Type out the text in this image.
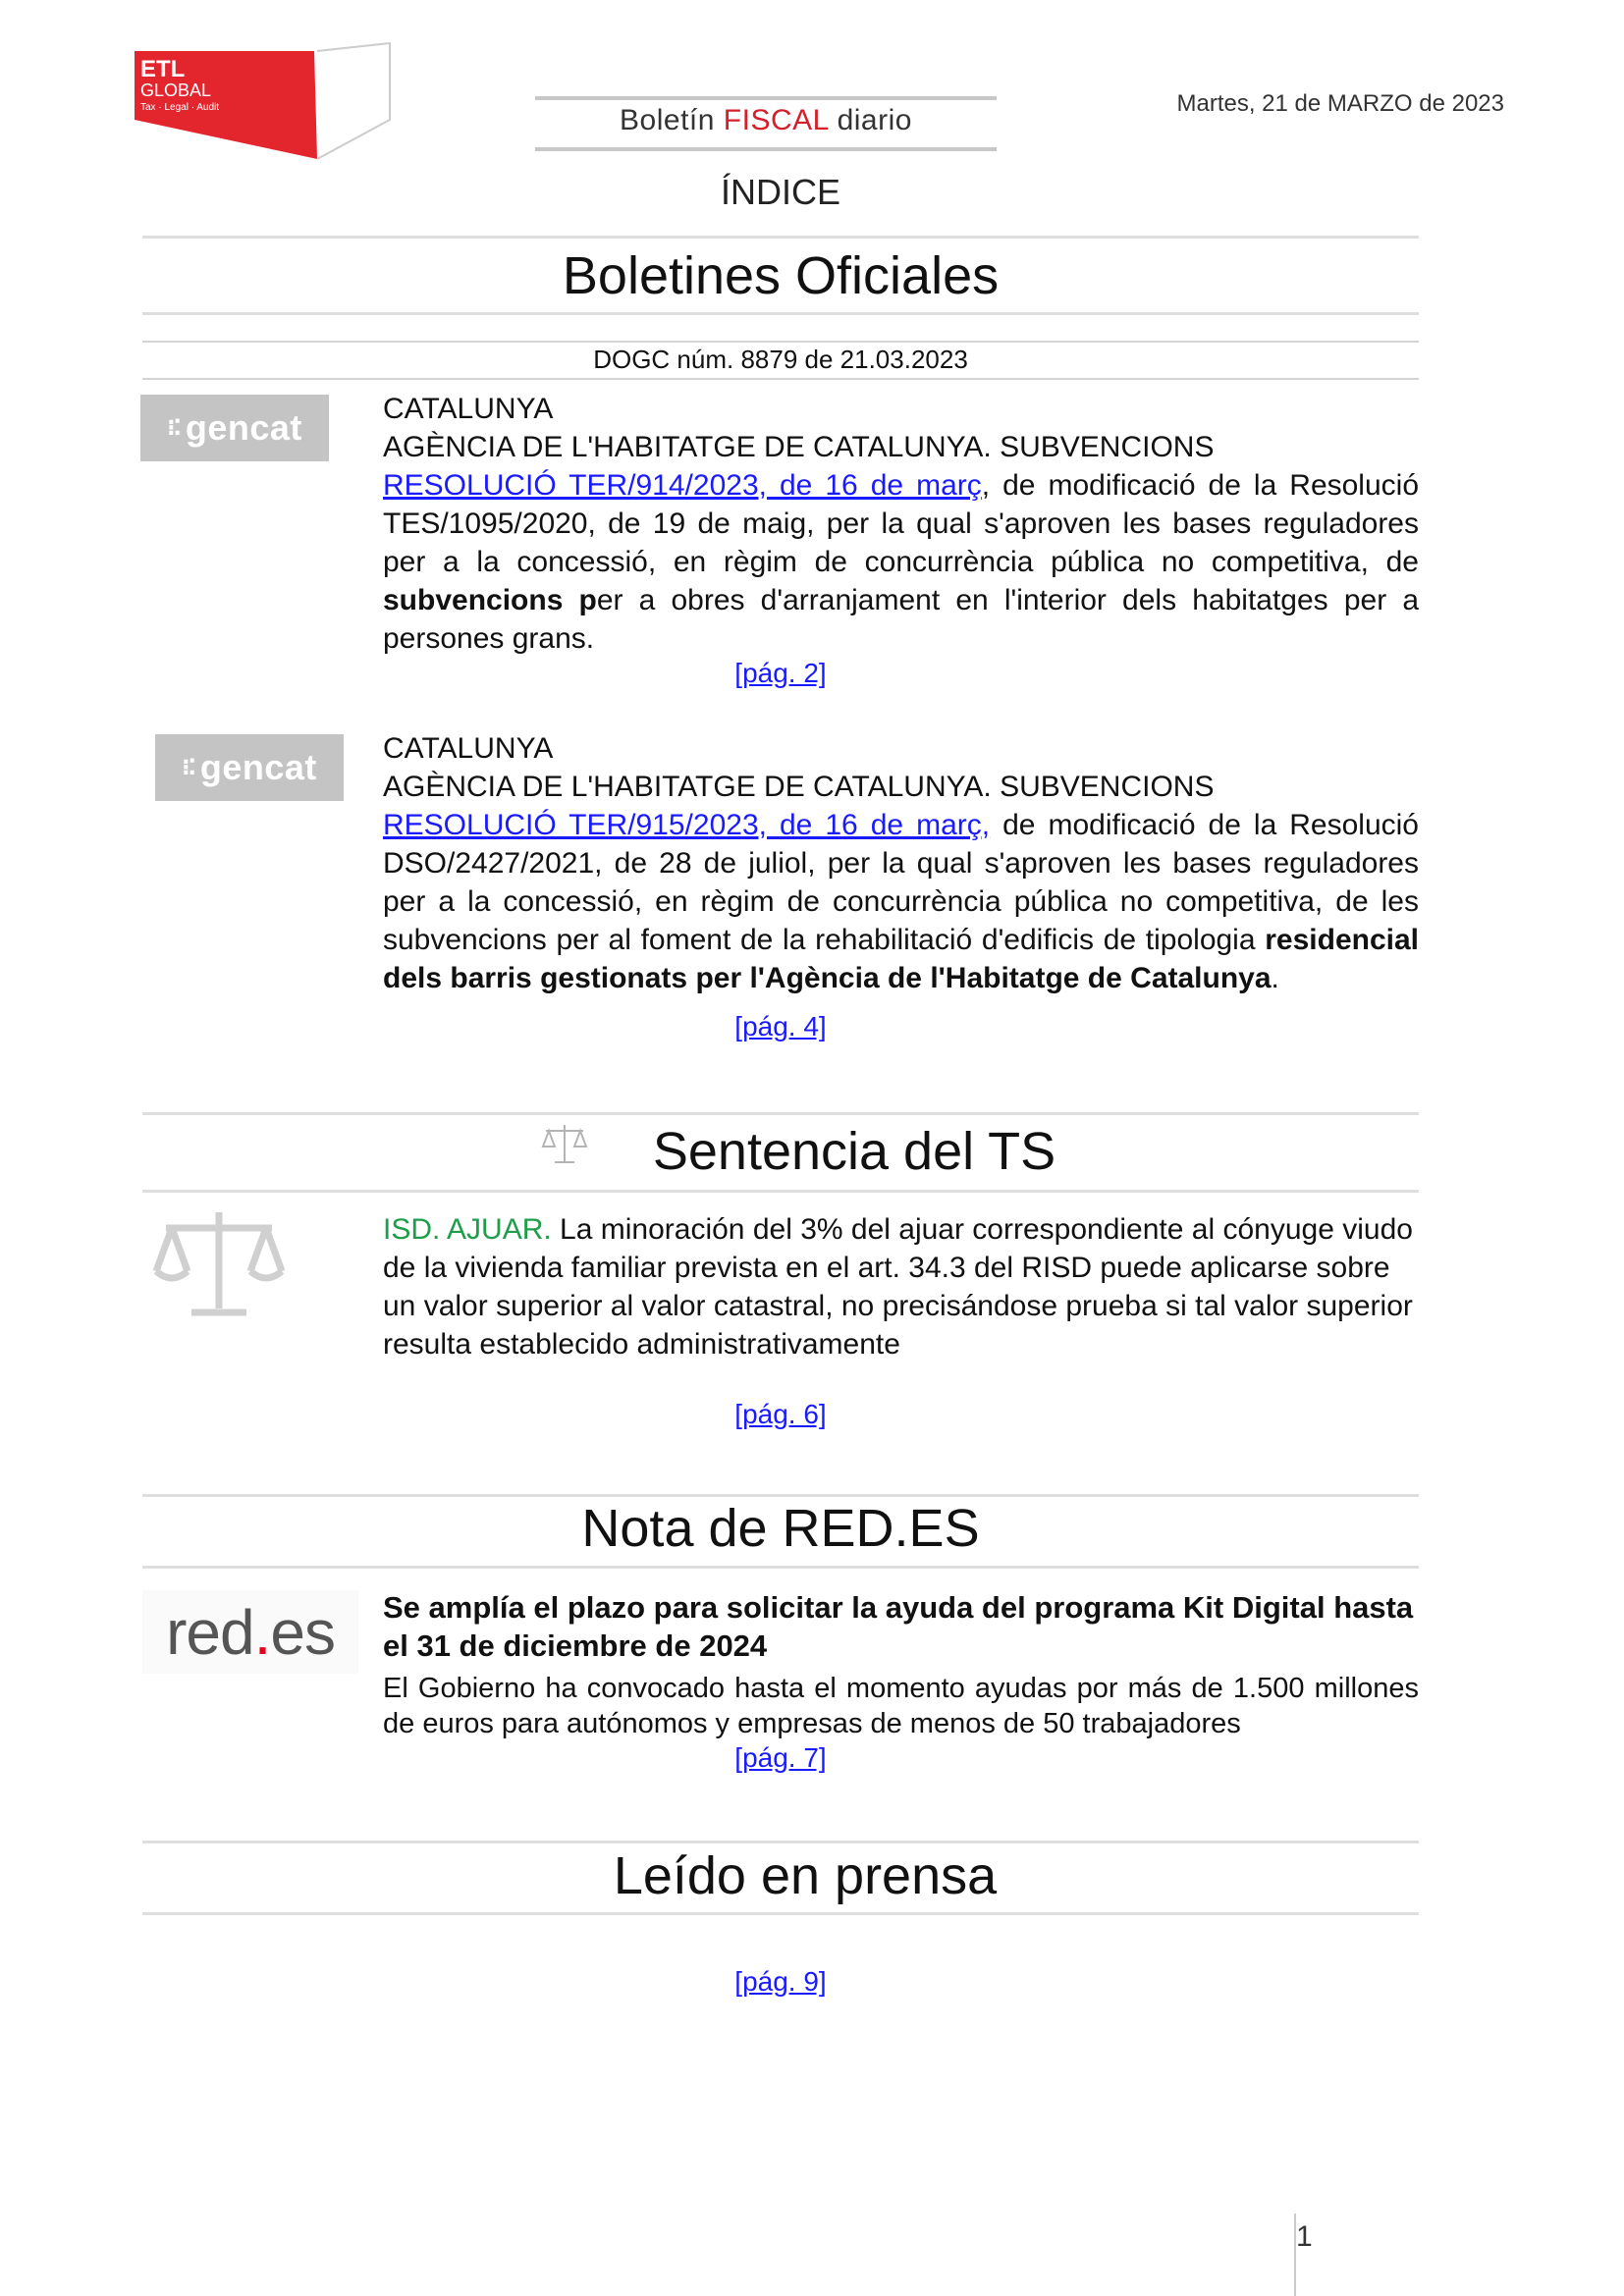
ETL
GLOBAL
Tax · Legal · Audit	Boletín FISCAL diario
Martes, 21 de MARZO de 2023
ÍNDICE
Boletines Oficiales
DOGC núm. 8879 de 21.03.2023
⁝⁚ gencat	CATALUNYA
AGÈNCIA DE L'HABITATGE DE CATALUNYA. SUBVENCIONS
RESOLUCIÓ TER/914/2023, de 16 de març, de modificació de la Resolució TES/1095/2020, de 19 de maig, per la qual s'aproven les bases reguladores per a la concessió, en règim de concurrència pública no competitiva, de subvencions per a obres d'arranjament en l'interior dels habitatges per a persones grans.
[pág. 2]
⁝⁚ gencat CATALUNYA
AGÈNCIA DE L'HABITATGE DE CATALUNYA. SUBVENCIONS
RESOLUCIÓ TER/915/2023, de 16 de març, de modificació de la Resolució DSO/2427/2021, de 28 de juliol, per la qual s'aproven les bases reguladores per a la concessió, en règim de concurrència pública no competitiva, de les subvencions per al foment de la rehabilitació d'edificis de tipologia residencial dels barris gestionats per l'Agència de l'Habitatge de Catalunya.
[pág. 4]
Sentencia del TS
ISD. AJUAR. La minoración del 3% del ajuar correspondiente al cónyuge viudo de la vivienda familiar prevista en el art. 34.3 del RISD puede aplicarse sobre un valor superior al valor catastral, no precisándose prueba si tal valor superior resulta establecido administrativamente
[pág. 6]
Nota de RED.ES
red . es Se amplía el plazo para solicitar la ayuda del programa Kit Digital hasta el 31 de diciembre de 2024
El Gobierno ha convocado hasta el momento ayudas por más de 1.500 millones de euros para autónomos y empresas de menos de 50 trabajadores
[pág. 7]
Leído en prensa
[pág. 9]
1
